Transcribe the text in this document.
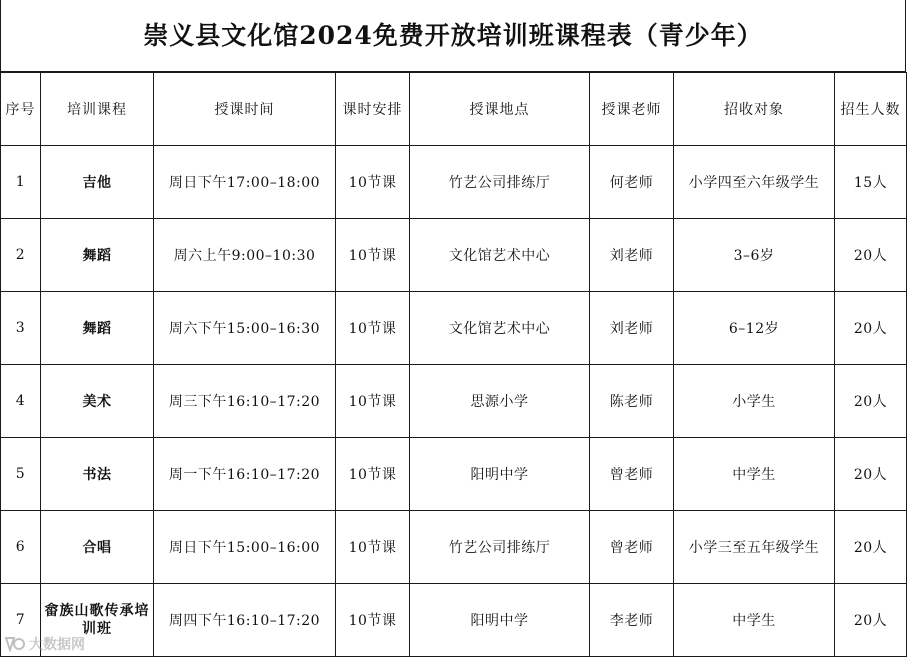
崇义县文化馆2024免费开放培训班课程表（青少年）
序号	培训课程	授课时间	课时安排	授课地点	授课老师	招收对象	招生人数
1	吉他	周日下午17:00–18:00	10节课	竹艺公司排练厅	何老师	小学四至六年级学生	15人
2	舞蹈	周六上午9:00–10:30	10节课	文化馆艺术中心	刘老师	3–6岁	20人
3	舞蹈	周六下午15:00–16:30	10节课	文化馆艺术中心	刘老师	6–12岁	20人
4	美术	周三下午16:10–17:20	10节课	思源小学	陈老师	小学生	20人
5	书法	周一下午16:10–17:20	10节课	阳明中学	曾老师	中学生	20人
6	合唱	周日下午15:00–16:00	10节课	竹艺公司排练厅	曾老师	小学三至五年级学生	20人
7	畲族山歌传承培训班	周四下午16:10–17:20	10节课	阳明中学	李老师	中学生	20人
大数据网
